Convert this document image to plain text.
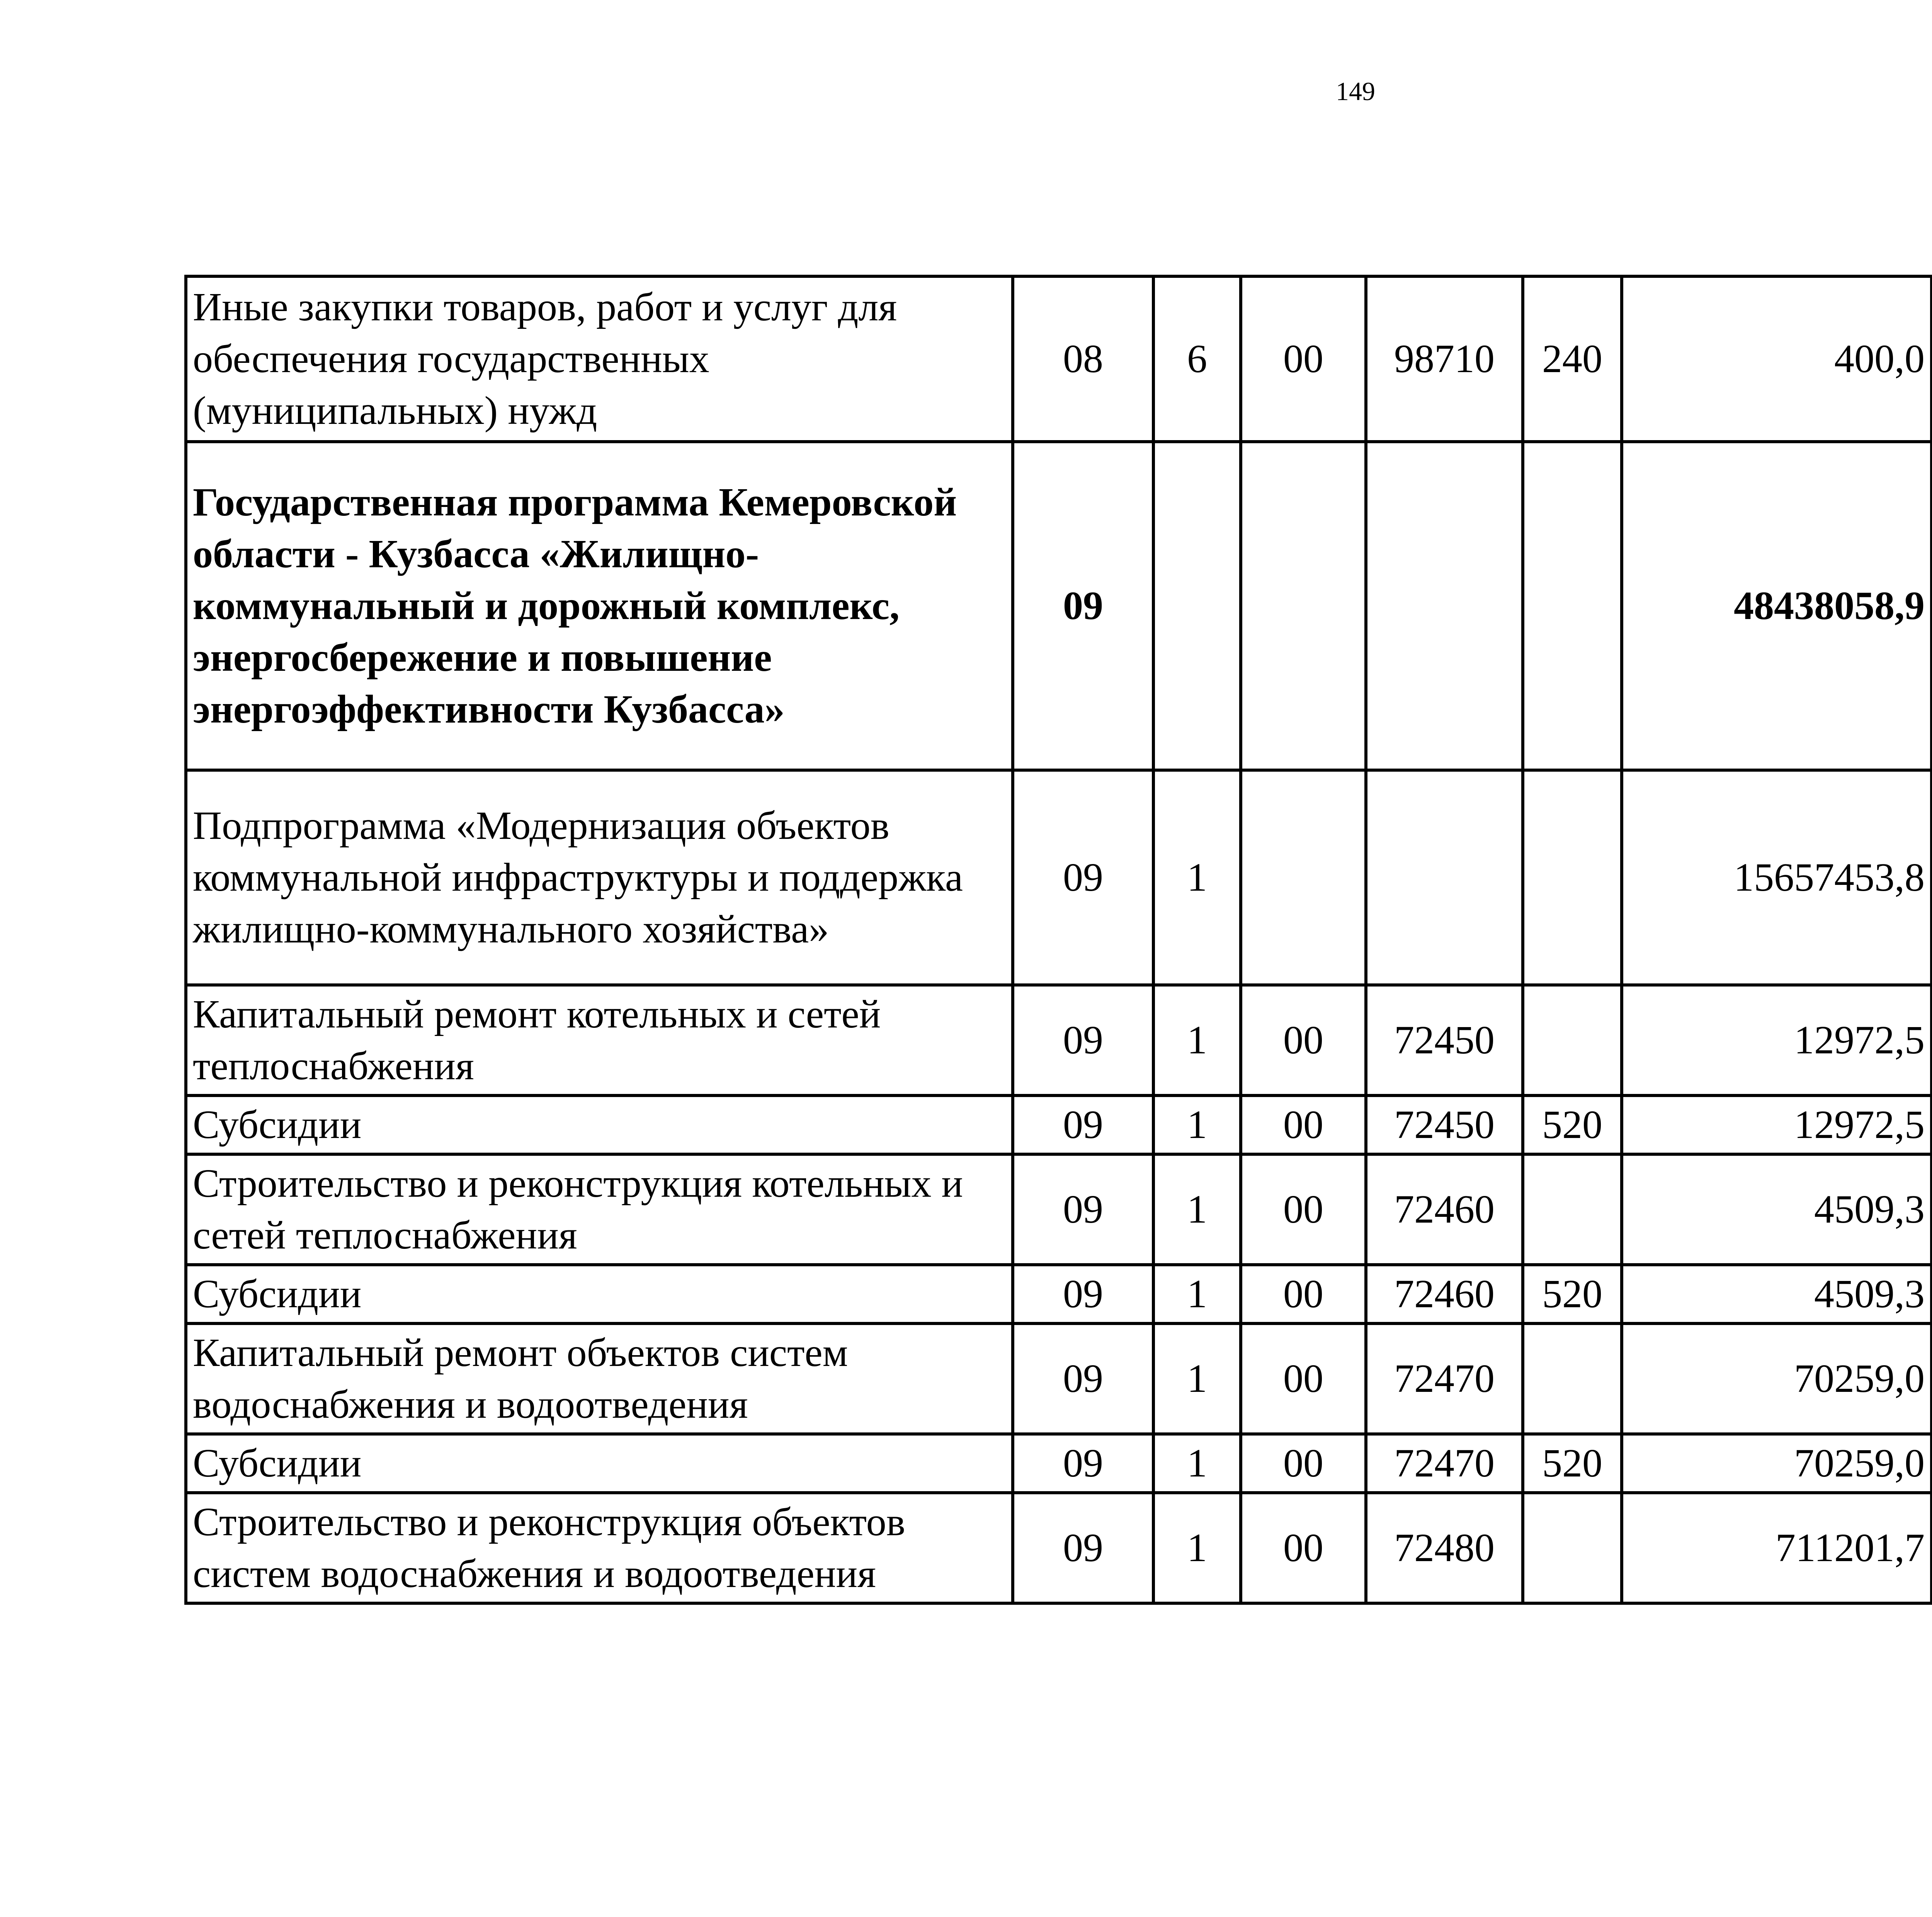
149
Иные закупки товаров, работ и услуг для обеспечения государственных (муниципальных) нужд	08	6	00	98710	240	400,0		
Государственная программа Кемеровской области - Кузбасса «Жилищно-коммунальный и дорожный комплекс, энергосбережение и повышение энергоэффективности Кузбасса»	09					48438058,9		
Подпрограмма «Модернизация объектов коммунальной инфраструктуры и поддержка жилищно-коммунального хозяйства»	09	1				15657453,8		
Капитальный ремонт котельных и сетей теплоснабжения	09	1	00	72450		12972,5		
Субсидии	09	1	00	72450	520	12972,5		
Строительство и реконструкция котельных и сетей теплоснабжения	09	1	00	72460		4509,3		
Субсидии	09	1	00	72460	520	4509,3		
Капитальный ремонт объектов систем водоснабжения и водоотведения	09	1	00	72470		70259,0		
Субсидии	09	1	00	72470	520	70259,0		
Строительство и реконструкция объектов систем водоснабжения и водоотведения	09	1	00	72480		711201,7		
